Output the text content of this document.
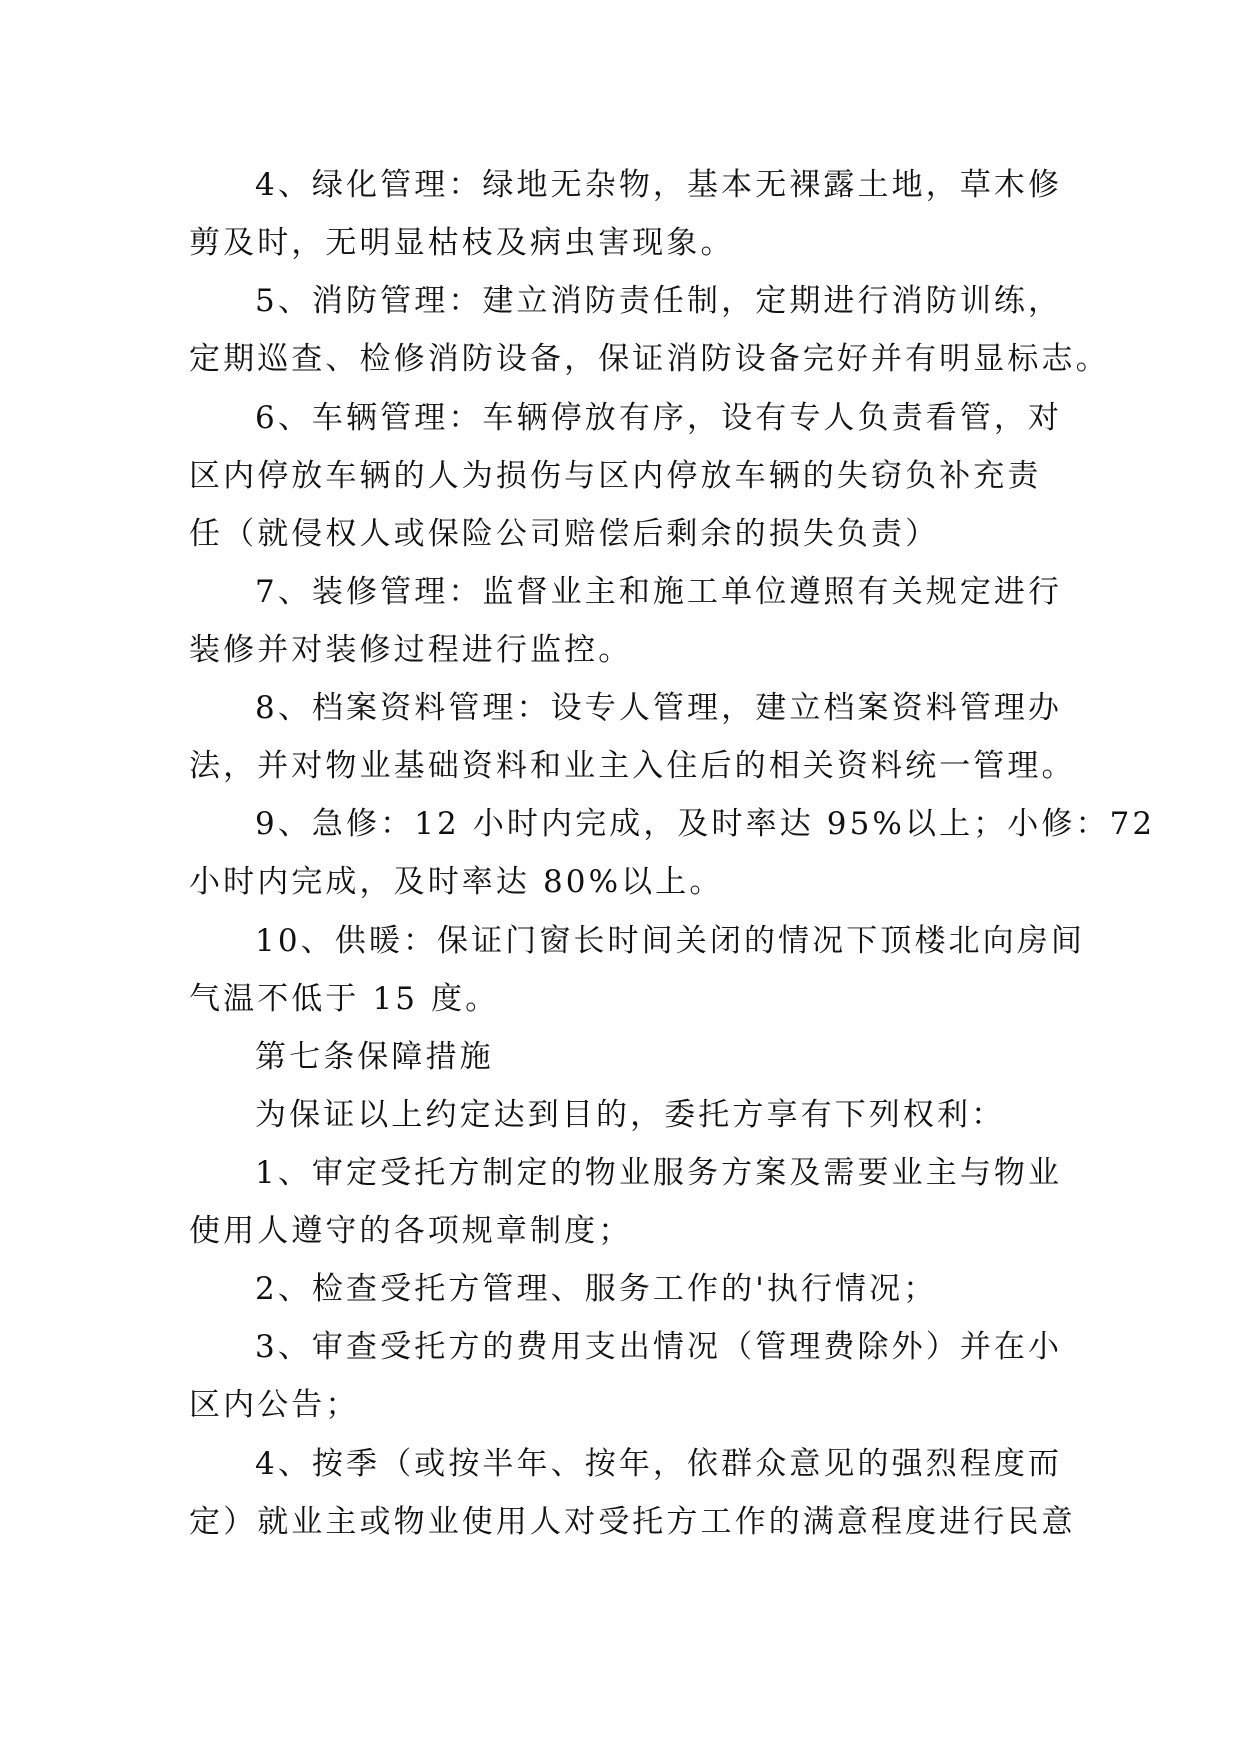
4、绿化管理：绿地无杂物，基本无裸露土地，草木修

剪及时，无明显枯枝及病虫害现象。

5、消防管理：建立消防责任制，定期进行消防训练，

定期巡查、检修消防设备，保证消防设备完好并有明显标志。

6、车辆管理：车辆停放有序，设有专人负责看管，对

区内停放车辆的人为损伤与区内停放车辆的失窃负补充责

任（就侵权人或保险公司赔偿后剩余的损失负责）

7、装修管理：监督业主和施工单位遵照有关规定进行

装修并对装修过程进行监控。

8、档案资料管理：设专人管理，建立档案资料管理办

法，并对物业基础资料和业主入住后的相关资料统一管理。

9、急修：12 小时内完成，及时率达 95%以上；小修：72

小时内完成，及时率达 80%以上。

10、供暖：保证门窗长时间关闭的情况下顶楼北向房间

气温不低于 15 度。

第七条保障措施

为保证以上约定达到目的，委托方享有下列权利：

1、审定受托方制定的物业服务方案及需要业主与物业

使用人遵守的各项规章制度；

2、检查受托方管理、服务工作的'执行情况；

3、审查受托方的费用支出情况（管理费除外）并在小

区内公告；

4、按季（或按半年、按年，依群众意见的强烈程度而

定）就业主或物业使用人对受托方工作的满意程度进行民意
